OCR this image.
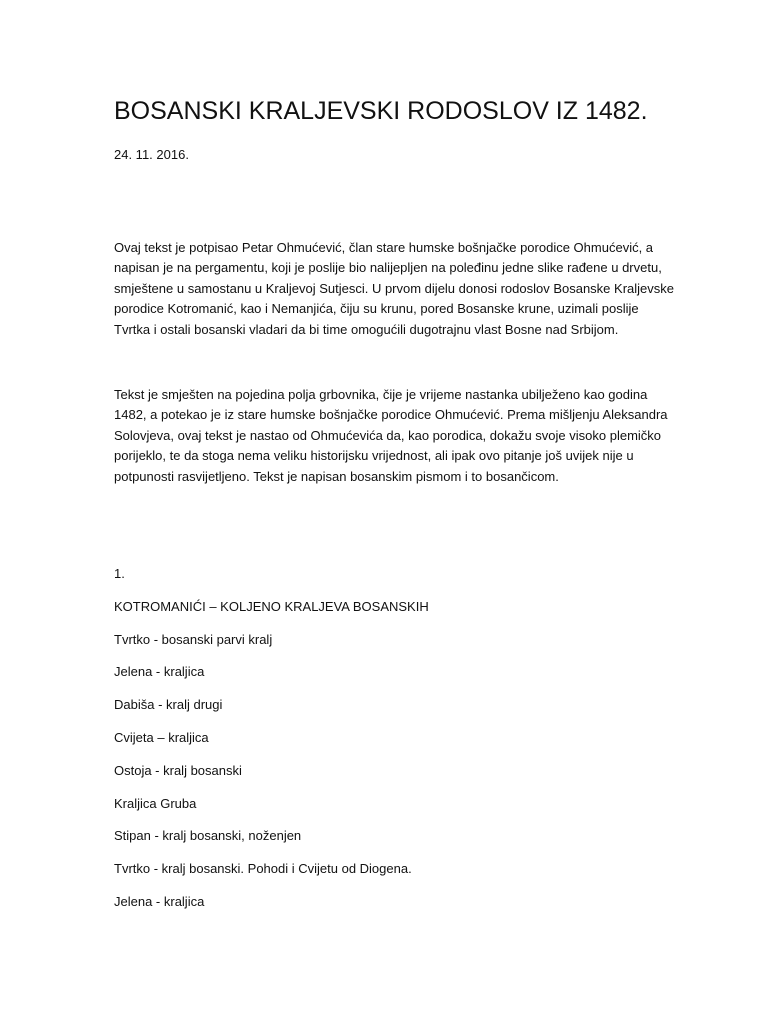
BOSANSKI KRALJEVSKI RODOSLOV IZ 1482.

24. 11. 2016.

Ovaj tekst je potpisao Petar Ohmućević, član stare humske bošnjačke porodice Ohmućević, a
napisan je na pergamentu, koji je poslije bio nalijepljen na poleđinu jedne slike rađene u drvetu,
smještene u samostanu u Kraljevoj Sutjesci. U prvom dijelu donosi rodoslov Bosanske Kraljevske
porodice Kotromanić, kao i Nemanjića, čiju su krunu, pored Bosanske krune, uzimali poslije
Tvrtka i ostali bosanski vladari da bi time omogućili dugotrajnu vlast Bosne nad Srbijom.

Tekst je smješten na pojedina polja grbovnika, čije je vrijeme nastanka ubilježeno kao godina
1482, a potekao je iz stare humske bošnjačke porodice Ohmućević. Prema mišljenju Aleksandra
Solovjeva, ovaj tekst je nastao od Ohmućevića da, kao porodica, dokažu svoje visoko plemičko
porijeklo, te da stoga nema veliku historijsku vrijednost, ali ipak ovo pitanje još uvijek nije u
potpunosti rasvijetljeno. Tekst je napisan bosanskim pismom i to bosančicom.

1.
KOTROMANIĆI – KOLJENO KRALJEVA BOSANSKIH
Tvrtko - bosanski parvi kralj
Jelena - kraljica
Dabiša - kralj drugi
Cvijeta – kraljica
Ostoja - kralj bosanski
Kraljica Gruba
Stipan - kralj bosanski, noženjen
Tvrtko - kralj bosanski. Pohodi i Cvijetu od Diogena.
Jelena - kraljica
